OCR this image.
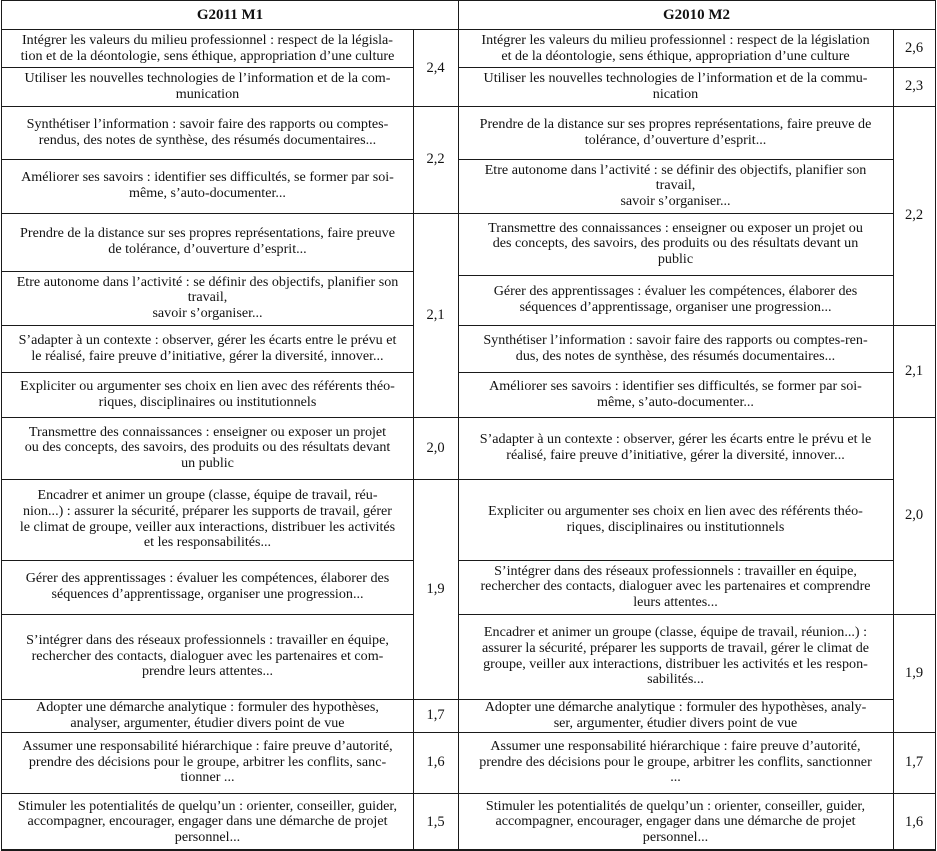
G2011 M1	G2010 M2
Intégrer les valeurs du milieu professionnel : respect de la législa-
tion et de la déontologie, sens éthique, appropriation d’une culture
Utiliser les nouvelles technologies de l’information et de la com-
munication
Synthétiser l’information : savoir faire des rapports ou comptes-
rendus, des notes de synthèse, des résumés documentaires...
Améliorer ses savoirs : identifier ses difficultés, se former par soi-
même, s’auto-documenter...
Prendre de la distance sur ses propres représentations, faire preuve
de tolérance, d’ouverture d’esprit...
Etre autonome dans l’activité : se définir des objectifs, planifier son
travail,
savoir s’organiser...
S’adapter à un contexte : observer, gérer les écarts entre le prévu et
le réalisé, faire preuve d’initiative, gérer la diversité, innover...
Expliciter ou argumenter ses choix en lien avec des référents théo-
riques, disciplinaires ou institutionnels
Transmettre des connaissances : enseigner ou exposer un projet
ou des concepts, des savoirs, des produits ou des résultats devant
un public
Encadrer et animer un groupe (classe, équipe de travail, réu-
nion...) : assurer la sécurité, préparer les supports de travail, gérer
le climat de groupe, veiller aux interactions, distribuer les activités
et les responsabilités...
Gérer des apprentissages : évaluer les compétences, élaborer des
séquences d’apprentissage, organiser une progression...
S’intégrer dans des réseaux professionnels : travailler en équipe,
rechercher des contacts, dialoguer avec les partenaires et com-
prendre leurs attentes...
Adopter une démarche analytique : formuler des hypothèses,
analyser, argumenter, étudier divers point de vue
Assumer une responsabilité hiérarchique : faire preuve d’autorité,
prendre des décisions pour le groupe, arbitrer les conflits, sanc-
tionner ...
Stimuler les potentialités de quelqu’un : orienter, conseiller, guider,
accompagner, encourager, engager dans une démarche de projet
personnel...
2,4
2,2
2,1
2,0
1,9
1,7
1,6
1,5
Intégrer les valeurs du milieu professionnel : respect de la législation
et de la déontologie, sens éthique, appropriation d’une culture
Utiliser les nouvelles technologies de l’information et de la commu-
nication
Prendre de la distance sur ses propres représentations, faire preuve de
tolérance, d’ouverture d’esprit...
Etre autonome dans l’activité : se définir des objectifs, planifier son
travail,
savoir s’organiser...
Transmettre des connaissances : enseigner ou exposer un projet ou
des concepts, des savoirs, des produits ou des résultats devant un
public
Gérer des apprentissages : évaluer les compétences, élaborer des
séquences d’apprentissage, organiser une progression...
Synthétiser l’information : savoir faire des rapports ou comptes-ren-
dus, des notes de synthèse, des résumés documentaires...
Améliorer ses savoirs : identifier ses difficultés, se former par soi-
même, s’auto-documenter...
S’adapter à un contexte : observer, gérer les écarts entre le prévu et le
réalisé, faire preuve d’initiative, gérer la diversité, innover...
Expliciter ou argumenter ses choix en lien avec des référents théo-
riques, disciplinaires ou institutionnels
S’intégrer dans des réseaux professionnels : travailler en équipe,
rechercher des contacts, dialoguer avec les partenaires et comprendre
leurs attentes...
Encadrer et animer un groupe (classe, équipe de travail, réunion...) :
assurer la sécurité, préparer les supports de travail, gérer le climat de
groupe, veiller aux interactions, distribuer les activités et les respon-
sabilités...
Adopter une démarche analytique : formuler des hypothèses, analy-
ser, argumenter, étudier divers point de vue
Assumer une responsabilité hiérarchique : faire preuve d’autorité,
prendre des décisions pour le groupe, arbitrer les conflits, sanctionner
...
Stimuler les potentialités de quelqu’un : orienter, conseiller, guider,
accompagner, encourager, engager dans une démarche de projet
personnel...
2,6
2,3
2,2
2,1
2,0
1,9
1,7
1,6
